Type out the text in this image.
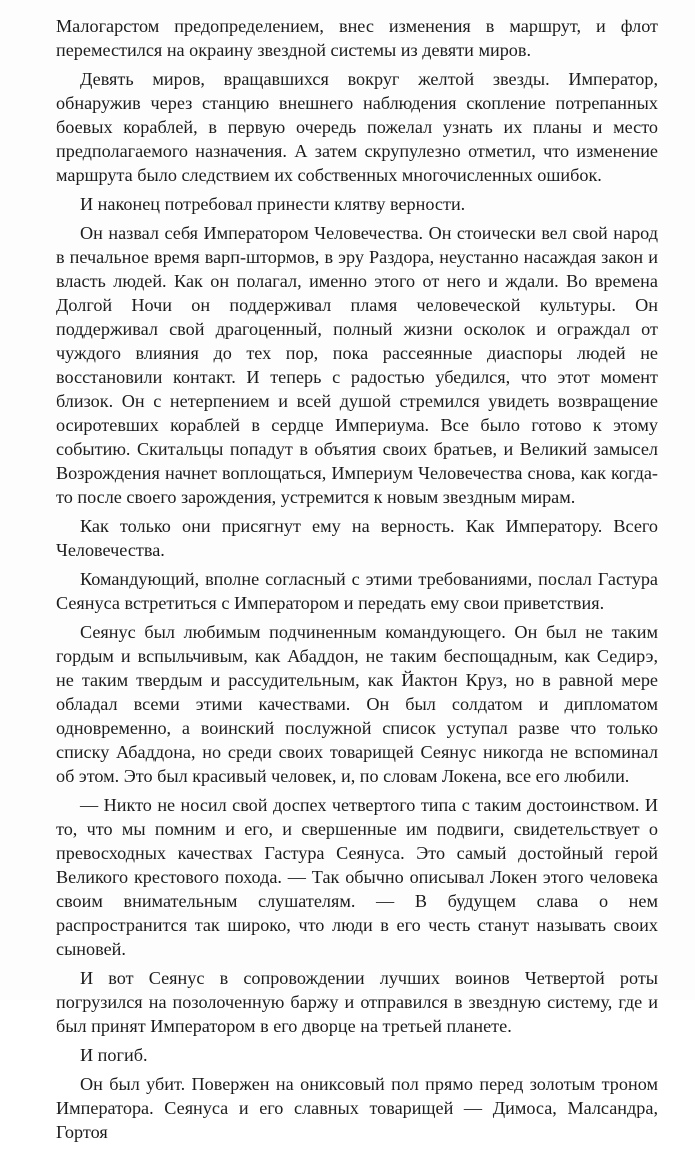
Малогарстом предопределением, внес изменения в маршрут, и флот переместился на окраину звездной системы из девяти миров.

Девять миров, вращавшихся вокруг желтой звезды. Император, обнаружив через станцию внешнего наблюдения скопление потрепанных боевых кораблей, в первую очередь пожелал узнать их планы и место предполагаемого назначения. А затем скрупулезно отметил, что изменение маршрута было следствием их собственных многочисленных ошибок.

И наконец потребовал принести клятву верности.

Он назвал себя Императором Человечества. Он стоически вел свой народ в печальное время варп-штормов, в эру Раздора, неустанно насаждая закон и власть людей. Как он полагал, именно этого от него и ждали. Во времена Долгой Ночи он поддерживал пламя человеческой культуры. Он поддерживал свой драгоценный, полный жизни осколок и ограждал от чуждого влияния до тех пор, пока рассеянные диаспоры людей не восстановили контакт. И теперь с радостью убедился, что этот момент близок. Он с нетерпением и всей душой стремился увидеть возвращение осиротевших кораблей в сердце Империума. Все было готово к этому событию. Скитальцы попадут в объятия своих братьев, и Великий замысел Возрождения начнет воплощаться, Империум Человечества снова, как когда-то после своего зарождения, устремится к новым звездным мирам.

Как только они присягнут ему на верность. Как Императору. Всего Человечества.

Командующий, вполне согласный с этими требованиями, послал Гастура Сеянуса встретиться с Императором и передать ему свои приветствия.

Сеянус был любимым подчиненным командующего. Он был не таким гордым и вспыльчивым, как Абаддон, не таким беспощадным, как Седирэ, не таким твердым и рассудительным, как Йактон Круз, но в равной мере обладал всеми этими качествами. Он был солдатом и дипломатом одновременно, а воинский послужной список уступал разве что только списку Абаддона, но среди своих товарищей Сеянус никогда не вспоминал об этом. Это был красивый человек, и, по словам Локена, все его любили.

— Никто не носил свой доспех четвертого типа с таким достоинством. И то, что мы помним и его, и свершенные им подвиги, свидетельствует о превосходных качествах Гастура Сеянуса. Это самый достойный герой Великого крестового похода. — Так обычно описывал Локен этого человека своим внимательным слушателям. — В будущем слава о нем распространится так широко, что люди в его честь станут называть своих сыновей.

И вот Сеянус в сопровождении лучших воинов Четвертой роты погрузился на позолоченную баржу и отправился в звездную систему, где и был принят Императором в его дворце на третьей планете.

И погиб.

Он был убит. Повержен на ониксовый пол прямо перед золотым троном Императора. Сеянуса и его славных товарищей — Димоса, Малсандра, Гортоя
